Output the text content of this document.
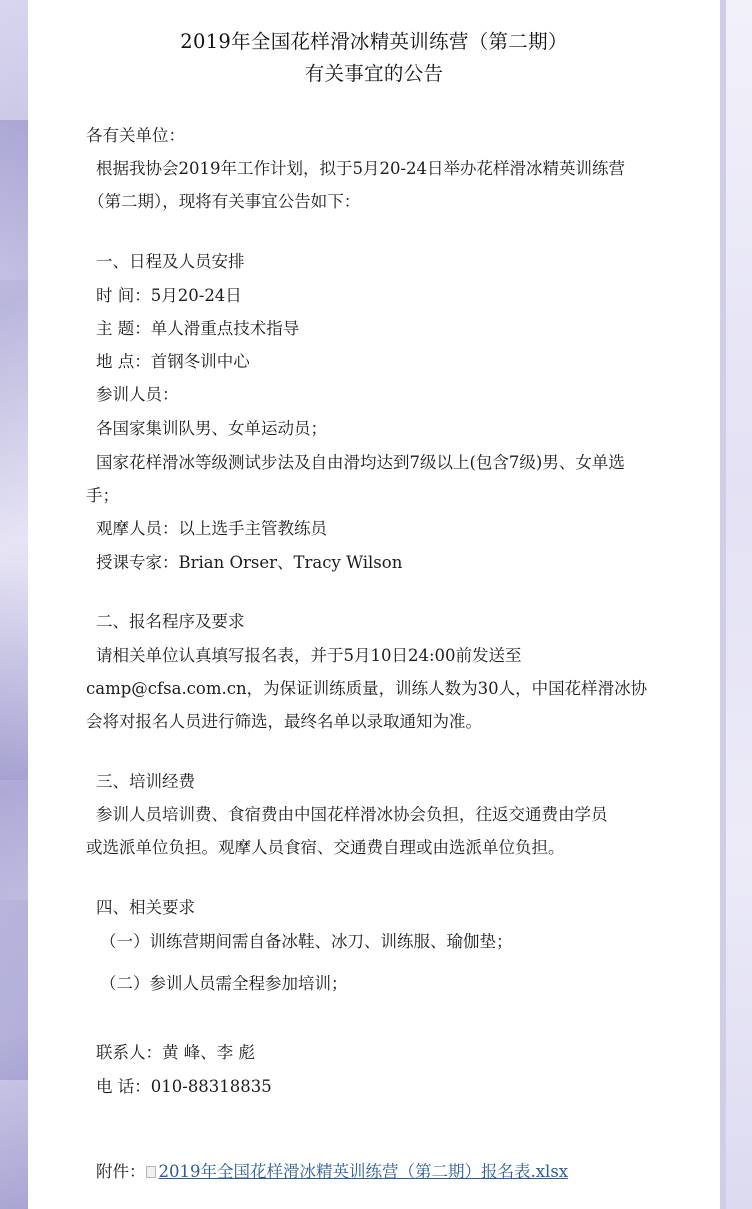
2019年全国花样滑冰精英训练营（第二期）
有关事宜的公告
各有关单位：
根据我协会2019年工作计划，拟于5月20-24日举办花样滑冰精英训练营
（第二期），现将有关事宜公告如下：
一、日程及人员安排
时 间：5月20-24日
主 题：单人滑重点技术指导
地 点：首钢冬训中心
参训人员：
各国家集训队男、女单运动员；
国家花样滑冰等级测试步法及自由滑均达到7级以上(包含7级)男、女单选
手；
观摩人员：以上选手主管教练员
授课专家：Brian Orser、Tracy Wilson
二、报名程序及要求
请相关单位认真填写报名表，并于5月10日24:00前发送至
camp@cfsa.com.cn，为保证训练质量，训练人数为30人，中国花样滑冰协
会将对报名人员进行筛选，最终名单以录取通知为准。
三、培训经费
参训人员培训费、食宿费由中国花样滑冰协会负担，往返交通费由学员
或选派单位负担。观摩人员食宿、交通费自理或由选派单位负担。
四、相关要求
（一）训练营期间需自备冰鞋、冰刀、训练服、瑜伽垫；
（二）参训人员需全程参加培训；
联系人：黄 峰、李 彪
电 话：010-88318835
附件： 2019年全国花样滑冰精英训练营（第二期）报名表.xlsx
